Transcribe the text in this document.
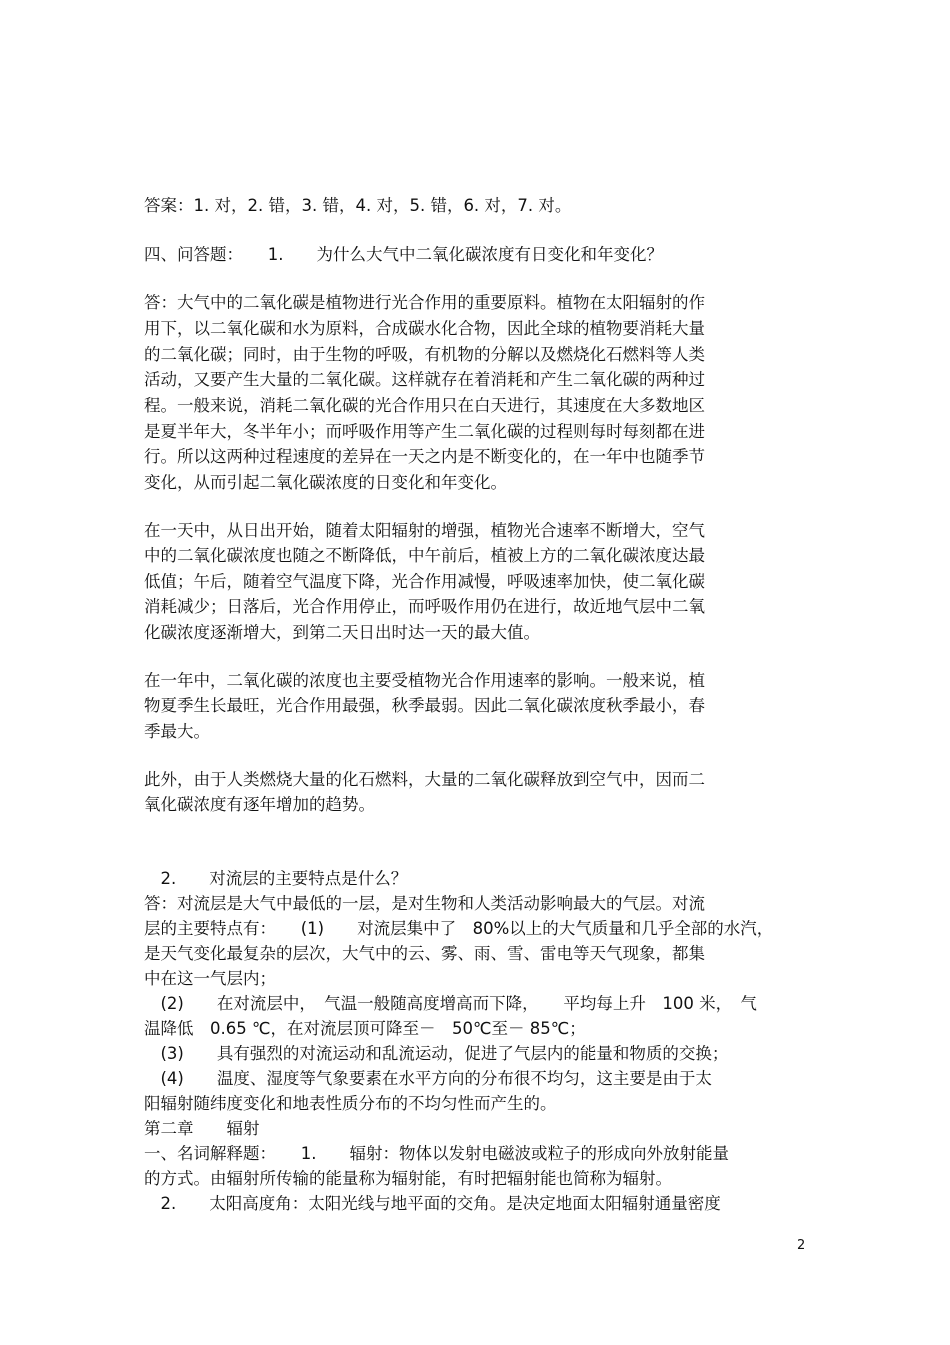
答案：1. 对，2. 错，3. 错，4. 对，5. 错，6. 对，7. 对。

四、问答题：　　1.　　为什么大气中二氧化碳浓度有日变化和年变化？

答：大气中的二氧化碳是植物进行光合作用的重要原料。植物在太阳辐射的作

用下，以二氧化碳和水为原料，合成碳水化合物，因此全球的植物要消耗大量

的二氧化碳；同时，由于生物的呼吸，有机物的分解以及燃烧化石燃料等人类

活动，又要产生大量的二氧化碳。这样就存在着消耗和产生二氧化碳的两种过

程。一般来说，消耗二氧化碳的光合作用只在白天进行，其速度在大多数地区

是夏半年大，冬半年小；而呼吸作用等产生二氧化碳的过程则每时每刻都在进

行。所以这两种过程速度的差异在一天之内是不断变化的，在一年中也随季节

变化，从而引起二氧化碳浓度的日变化和年变化。

在一天中，从日出开始，随着太阳辐射的增强，植物光合速率不断增大，空气

中的二氧化碳浓度也随之不断降低，中午前后，植被上方的二氧化碳浓度达最

低值；午后，随着空气温度下降，光合作用减慢，呼吸速率加快，使二氧化碳

消耗减少；日落后，光合作用停止，而呼吸作用仍在进行，故近地气层中二氧

化碳浓度逐渐增大，到第二天日出时达一天的最大值。

在一年中，二氧化碳的浓度也主要受植物光合作用速率的影响。一般来说，植

物夏季生长最旺，光合作用最强，秋季最弱。因此二氧化碳浓度秋季最小，春

季最大。

此外，由于人类燃烧大量的化石燃料，大量的二氧化碳释放到空气中，因而二

氧化碳浓度有逐年增加的趋势。

　2.　　对流层的主要特点是什么？

答：对流层是大气中最低的一层，是对生物和人类活动影响最大的气层。对流

层的主要特点有：　　(1)　　对流层集中了　80%以上的大气质量和几乎全部的水汽，

是天气变化最复杂的层次，大气中的云、雾、雨、雪、雷电等天气现象，都集

中在这一气层内；

　(2)　　在对流层中，　气温一般随高度增高而下降，　　平均每上升　100 米，　气

温降低　0.65 ℃，在对流层顶可降至－　50℃至－ 85℃；

　(3)　　具有强烈的对流运动和乱流运动，促进了气层内的能量和物质的交换；

　(4)　　温度、湿度等气象要素在水平方向的分布很不均匀，这主要是由于太

阳辐射随纬度变化和地表性质分布的不均匀性而产生的。

第二章　　辐射

一、名词解释题：　　1.　　辐射：物体以发射电磁波或粒子的形成向外放射能量

的方式。由辐射所传输的能量称为辐射能，有时把辐射能也简称为辐射。

　2.　　太阳高度角：太阳光线与地平面的交角。是决定地面太阳辐射通量密度

2
